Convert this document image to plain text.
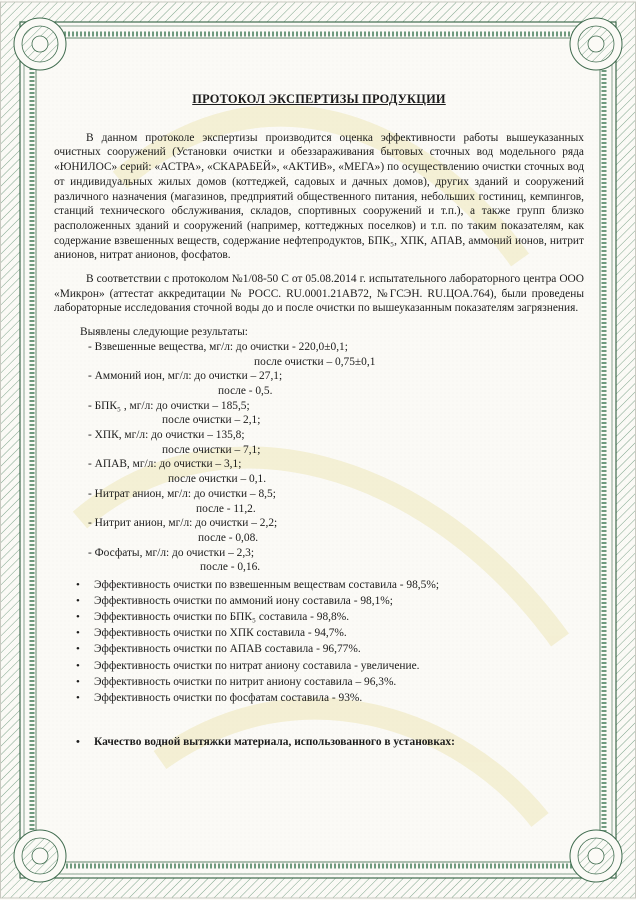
ПРОТОКОЛ ЭКСПЕРТИЗЫ ПРОДУКЦИИ

В данном протоколе экспертизы производится оценка эффективности работы вышеуказанных очистных сооружений (Установки очистки и обеззараживания бытовых сточных вод модельного ряда «ЮНИЛОС» серий: «АСТРА», «СКАРАБЕЙ», «АКТИВ», «МЕГА») по осуществлению очистки сточных вод от индивидуальных жилых домов (коттеджей, садовых и дачных домов), других зданий и сооружений различного назначения (магазинов, предприятий общественного питания, небольших гостиниц, кемпингов, станций технического обслуживания, складов, спортивных сооружений и т.п.), а также групп близко расположенных зданий и сооружений (например, коттеджных поселков) и т.п. по таким показателям, как содержание взвешенных веществ, содержание нефтепродуктов, БПК₅, ХПК, АПАВ, аммоний ионов, нитрит анионов, нитрат анионов, фосфатов.

В соответствии с протоколом №1/08-50 С от 05.08.2014 г. испытательного лабораторного центра ООО «Микрон» (аттестат аккредитации № РОСС. RU.0001.21АВ72, №ГСЭН. RU.ЦОА.764), были проведены лабораторные исследования сточной воды до и после очистки по вышеуказанным показателям загрязнения.

Выявлены следующие результаты:
- Взвешенные вещества, мг/л: до очистки - 220,0±0,1;
после очистки – 0,75±0,1
- Аммоний ион, мг/л: до очистки – 27,1;
после - 0,5.
- БПК₅ , мг/л: до очистки – 185,5;
после очистки – 2,1;
- ХПК, мг/л: до очистки – 135,8;
после очистки – 7,1;
- АПАВ, мг/л: до очистки – 3,1;
после очистки – 0,1.
- Нитрат анион, мг/л: до очистки – 8,5;
после - 11,2.
- Нитрит анион, мг/л: до очистки – 2,2;
после - 0,08.
- Фосфаты, мг/л: до очистки – 2,3;
после - 0,16.
• Эффективность очистки по взвешенным веществам составила - 98,5%;
• Эффективность очистки по аммоний иону составила - 98,1%;
• Эффективность очистки по БПК₅ составила - 98,8%.
• Эффективность очистки по ХПК составила - 94,7%.
• Эффективность очистки по АПАВ составила - 96,77%.
• Эффективность очистки по нитрат аниону составила - увеличение.
• Эффективность очистки по нитрит аниону составила – 96,3%.
• Эффективность очистки по фосфатам составила - 93%.
• Качество водной вытяжки материала, использованного в установках:
